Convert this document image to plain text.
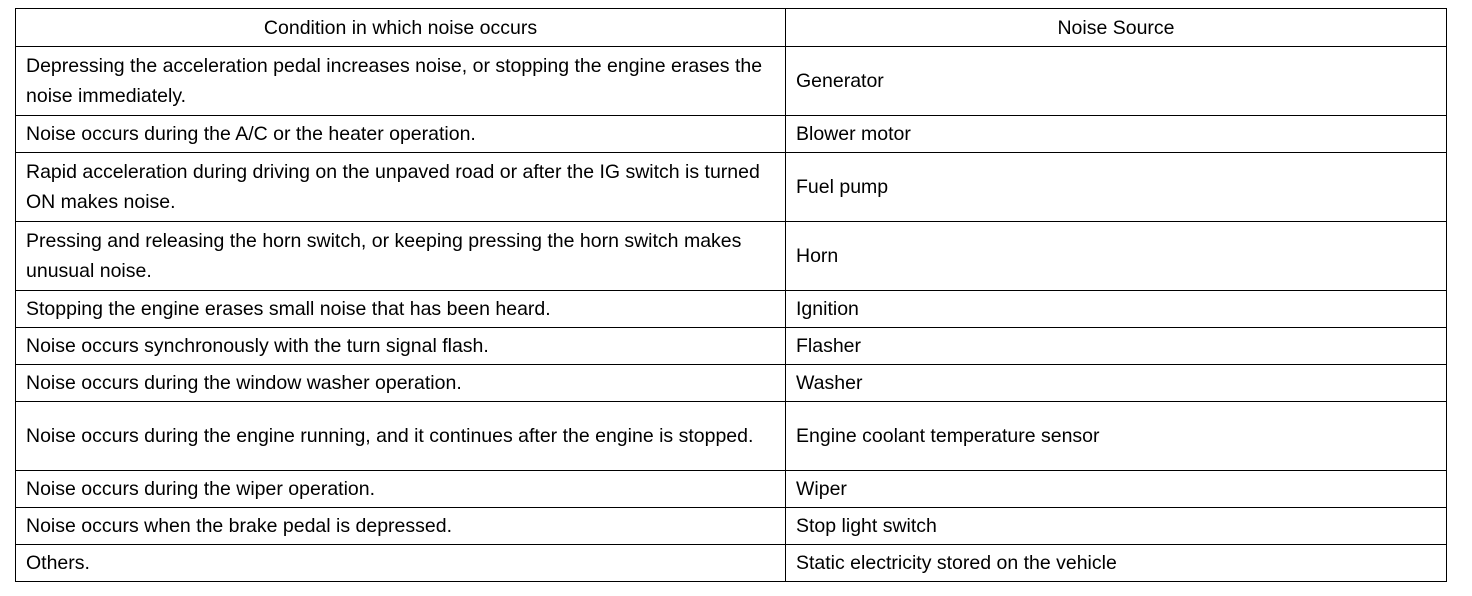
Condition in which noise occurs	Noise Source
Depressing the acceleration pedal increases noise, or stopping the engine erases the noise immediately.	Generator
Noise occurs during the A/C or the heater operation.	Blower motor
Rapid acceleration during driving on the unpaved road or after the IG switch is turned ON makes noise.	Fuel pump
Pressing and releasing the horn switch, or keeping pressing the horn switch makes unusual noise.	Horn
Stopping the engine erases small noise that has been heard.	Ignition
Noise occurs synchronously with the turn signal flash.	Flasher
Noise occurs during the window washer operation.	Washer
Noise occurs during the engine running, and it continues after the engine is stopped.	Engine coolant temperature sensor
Noise occurs during the wiper operation.	Wiper
Noise occurs when the brake pedal is depressed.	Stop light switch
Others.	Static electricity stored on the vehicle
